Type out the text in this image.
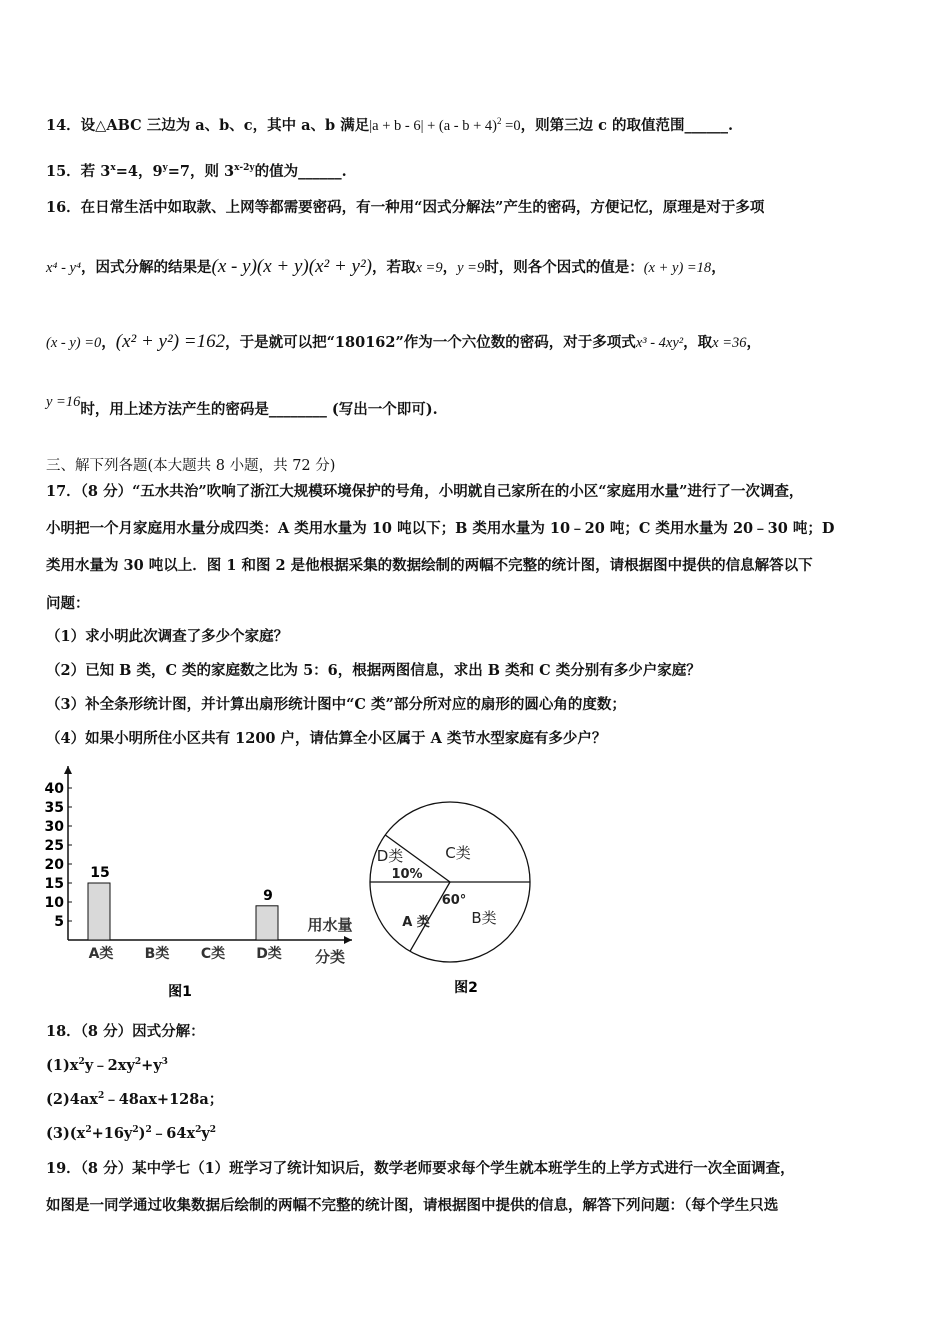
14．设△ABC 三边为 a、b、c，其中 a、b 满足$|a + b - 6| + (a - b + 4)^2 =0$，则第三边 c 的取值范围______.
15．若 $3^x=4$，$9^y=7$，则 $3^{x-2y}$的值为______.
16．在日常生活中如取款、上网等都需要密码，有一种用“因式分解法”产生的密码，方便记忆，原理是对于多项
x⁴ - y⁴，因式分解的结果是(x - y)(x + y)(x² + y²)，若取x =9，y =9时，则各个因式的值是：(x + y) =18，
(x - y) =0，(x² + y²) =162，于是就可以把“180162”作为一个六位数的密码，对于多项式x³ - 4xy²，取x =36，
y =16时，用上述方法产生的密码是________ (写出一个即可).
三、解下列各题(本大题共 8 小题，共 72 分)
17．（8 分）“五水共治”吹响了浙江大规模环境保护的号角，小明就自己家所在的小区“家庭用水量”进行了一次调查，
小明把一个月家庭用水量分成四类：A 类用水量为 10 吨以下；B 类用水量为 10﹣20 吨；C 类用水量为 20﹣30 吨；D
类用水量为 30 吨以上．图 1 和图 2 是他根据采集的数据绘制的两幅不完整的统计图，请根据图中提供的信息解答以下
问题：
（1）求小明此次调查了多少个家庭？
（2）已知 B 类，C 类的家庭数之比为 5：6，根据两图信息，求出 B 类和 C 类分别有多少户家庭？
（3）补全条形统计图，并计算出扇形统计图中“C 类”部分所对应的扇形的圆心角的度数；
（4）如果小明所住小区共有 1200 户，请估算全小区属于 A 类节水型家庭有多少户？
5
10
15
20
25
30
35
40
15
A类 B类 C类
9
D类
用水量
分类
图1
D类
10%
C类
B类
A 类
60°
图2
18．（8 分）因式分解：
$(1)x^2y﹣2xy^2+y^3$
$(2)4ax^2﹣48ax+128a$；
$(3)(x^2+16y^2)^2﹣64x^2y^2$
19．（8 分）某中学七（1）班学习了统计知识后，数学老师要求每个学生就本班学生的上学方式进行一次全面调查，
如图是一同学通过收集数据后绘制的两幅不完整的统计图，请根据图中提供的信息，解答下列问题：（每个学生只选
